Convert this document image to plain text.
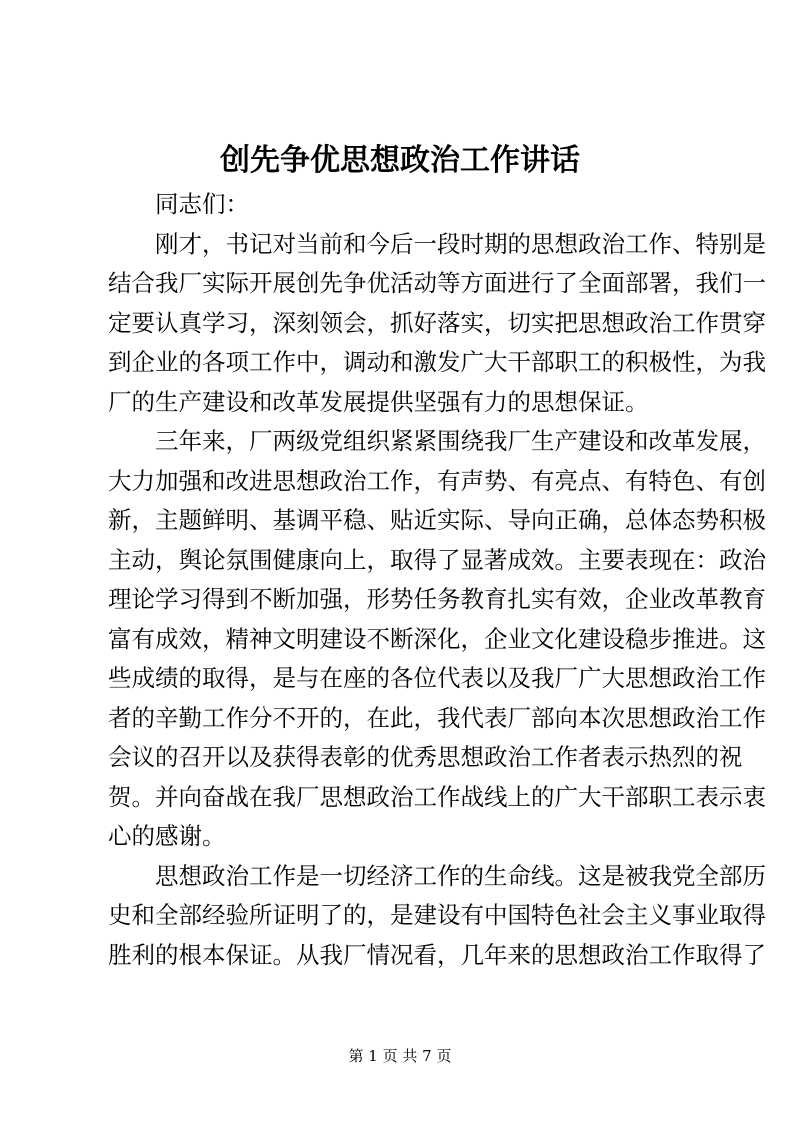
创先争优思想政治工作讲话
同志们：
刚才，书记对当前和今后一段时期的思想政治工作、特别是
结合我厂实际开展创先争优活动等方面进行了全面部署，我们一
定要认真学习，深刻领会，抓好落实，切实把思想政治工作贯穿
到企业的各项工作中，调动和激发广大干部职工的积极性，为我
厂的生产建设和改革发展提供坚强有力的思想保证。
三年来，厂两级党组织紧紧围绕我厂生产建设和改革发展，
大力加强和改进思想政治工作，有声势、有亮点、有特色、有创
新，主题鲜明、基调平稳、贴近实际、导向正确，总体态势积极
主动，舆论氛围健康向上，取得了显著成效。主要表现在：政治
理论学习得到不断加强，形势任务教育扎实有效，企业改革教育
富有成效，精神文明建设不断深化，企业文化建设稳步推进。这
些成绩的取得，是与在座的各位代表以及我厂广大思想政治工作
者的辛勤工作分不开的，在此，我代表厂部向本次思想政治工作
会议的召开以及获得表彰的优秀思想政治工作者表示热烈的祝
贺。并向奋战在我厂思想政治工作战线上的广大干部职工表示衷
心的感谢。
思想政治工作是一切经济工作的生命线。这是被我党全部历
史和全部经验所证明了的，是建设有中国特色社会主义事业取得
胜利的根本保证。从我厂情况看，几年来的思想政治工作取得了
第 1 页 共 7 页
